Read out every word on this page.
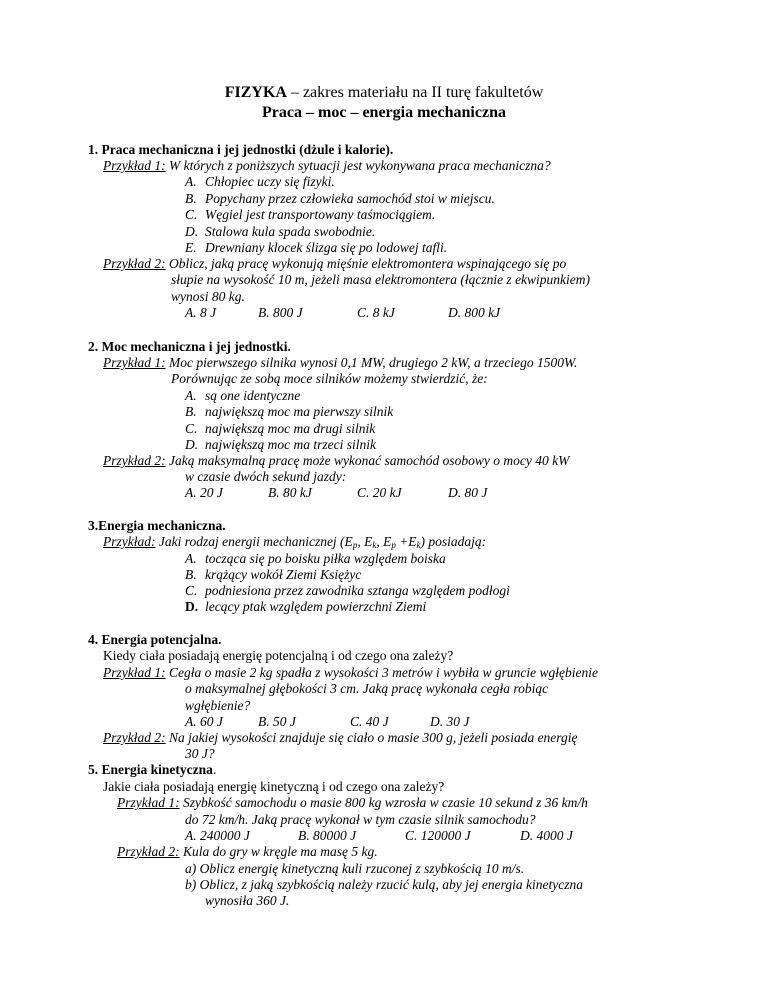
FIZYKA – zakres materiału na II turę fakultetów
Praca – moc – energia mechaniczna
1. Praca mechaniczna i jej jednostki (dżule i kalorie).
Przykład 1: W których z poniższych sytuacji jest wykonywana praca mechaniczna?
A. Chłopiec uczy się fizyki.
B. Popychany przez człowieka samochód stoi w miejscu.
C. Węgiel jest transportowany taśmociągiem.
D. Stalowa kula spada swobodnie.
E. Drewniany klocek ślizga się po lodowej tafli.
Przykład 2: Oblicz, jaką pracę wykonują mięśnie elektromontera wspinającego się po
słupie na wysokość 10 m, jeżeli masa elektromontera (łącznie z ekwipunkiem)
wynosi 80 kg.
A. 8 J	B. 800 J	C. 8 kJ	D. 800 kJ
2. Moc mechaniczna i jej jednostki.
Przykład 1: Moc pierwszego silnika wynosi 0,1 MW, drugiego 2 kW, a trzeciego 1500W.
Porównując ze sobą moce silników możemy stwierdzić, że:
A. są one identyczne
B. największą moc ma pierwszy silnik
C. największą moc ma drugi silnik
D. największą moc ma trzeci silnik
Przykład 2: Jaką maksymalną pracę może wykonać samochód osobowy o mocy 40 kW
w czasie dwóch sekund jazdy:
A. 20 J	B. 80 kJ	C. 20 kJ	D. 80 J
3.Energia mechaniczna.
Przykład: Jaki rodzaj energii mechanicznej ($E_p$, $E_k$, $E_p +E_k$) posiadają:
A. tocząca się po boisku piłka względem boiska
B. krążący wokół Ziemi Księżyc
C. podniesiona przez zawodnika sztanga względem podłogi
D. lecący ptak względem powierzchni Ziemi
4. Energia potencjalna.
Kiedy ciała posiadają energię potencjalną i od czego ona zależy?
Przykład 1: Cegła o masie 2 kg spadła z wysokości 3 metrów i wybiła w gruncie wgłębienie
o maksymalnej głębokości 3 cm. Jaką pracę wykonała cegła robiąc
wgłębienie?
A. 60 J	B. 50 J	C. 40 J	D. 30 J
Przykład 2: Na jakiej wysokości znajduje się ciało o masie 300 g, jeżeli posiada energię
30 J?
5. Energia kinetyczna.
Jakie ciała posiadają energię kinetyczną i od czego ona zależy?
Przykład 1: Szybkość samochodu o masie 800 kg wzrosła w czasie 10 sekund z 36 km/h
do 72 km/h. Jaką pracę wykonał w tym czasie silnik samochodu?
A. 240000 J	B. 80000 J	C. 120000 J	D. 4000 J
Przykład 2: Kula do gry w kręgle ma masę 5 kg.
a) Oblicz energię kinetyczną kuli rzuconej z szybkością 10 m/s.
b) Oblicz, z jaką szybkością należy rzucić kulą, aby jej energia kinetyczna
wynosiła 360 J.
